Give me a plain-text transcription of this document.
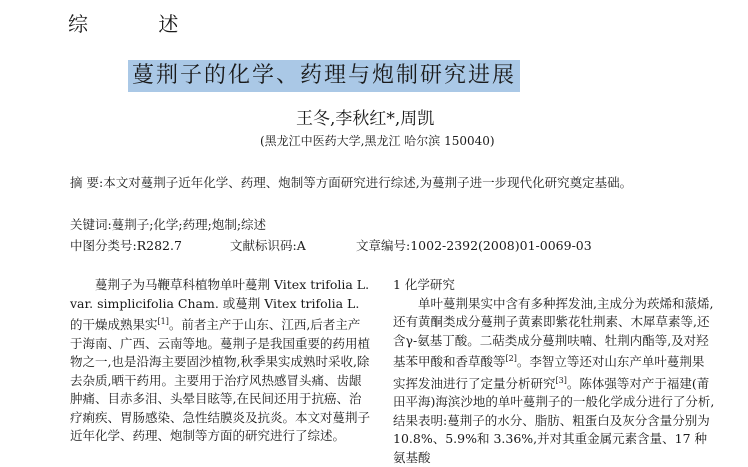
综 述
蔓荆子的化学、药理与炮制研究进展
王冬,李秋红*,周凯
(黑龙江中医药大学,黑龙江 哈尔滨 150040)
摘 要:本文对蔓荆子近年化学、药理、炮制等方面研究进行综述,为蔓荆子进一步现代化研究奠定基础。
关键词:蔓荆子;化学;药理;炮制;综述
中图分类号:R282.7	文献标识码:A	文章编号:1002-2392(2008)01-0069-03

蔓荆子为马鞭草科植物单叶蔓荆 Vitex trifolia L. var. simplicifolia Cham. 或蔓荆 Vitex trifolia L. 的干燥成熟果实[1]。前者主产于山东、江西,后者主产于海南、广西、云南等地。蔓荆子是我国重要的药用植物之一,也是沿海主要固沙植物,秋季果实成熟时采收,除去杂质,晒干药用。主要用于治疗风热感冒头痛、齿龈肿痛、目赤多泪、头晕目眩等,在民间还用于抗癌、治疗痢疾、胃肠感染、急性结膜炎及抗炎。本文对蔓荆子近年化学、药理、炮制等方面的研究进行了综述。

1 化学研究

单叶蔓荆果实中含有多种挥发油,主成分为莰烯和蒎烯,还有黄酮类成分蔓荆子黄素即紫花牡荆素、木犀草素等,还含γ-氨基丁酸。二萜类成分蔓荆呋喃、牡荆内酯等,及对羟基苯甲酸和香草酸等[2]。李智立等还对山东产单叶蔓荆果实挥发油进行了定量分析研究[3]。陈体强等对产于福建(莆田平海)海滨沙地的单叶蔓荆子的一般化学成分进行了分析,结果表明:蔓荆子的水分、脂肪、粗蛋白及灰分含量分别为 10.8%、5.9%和 3.36%,并对其重金属元素含量、17 种氨基酸
